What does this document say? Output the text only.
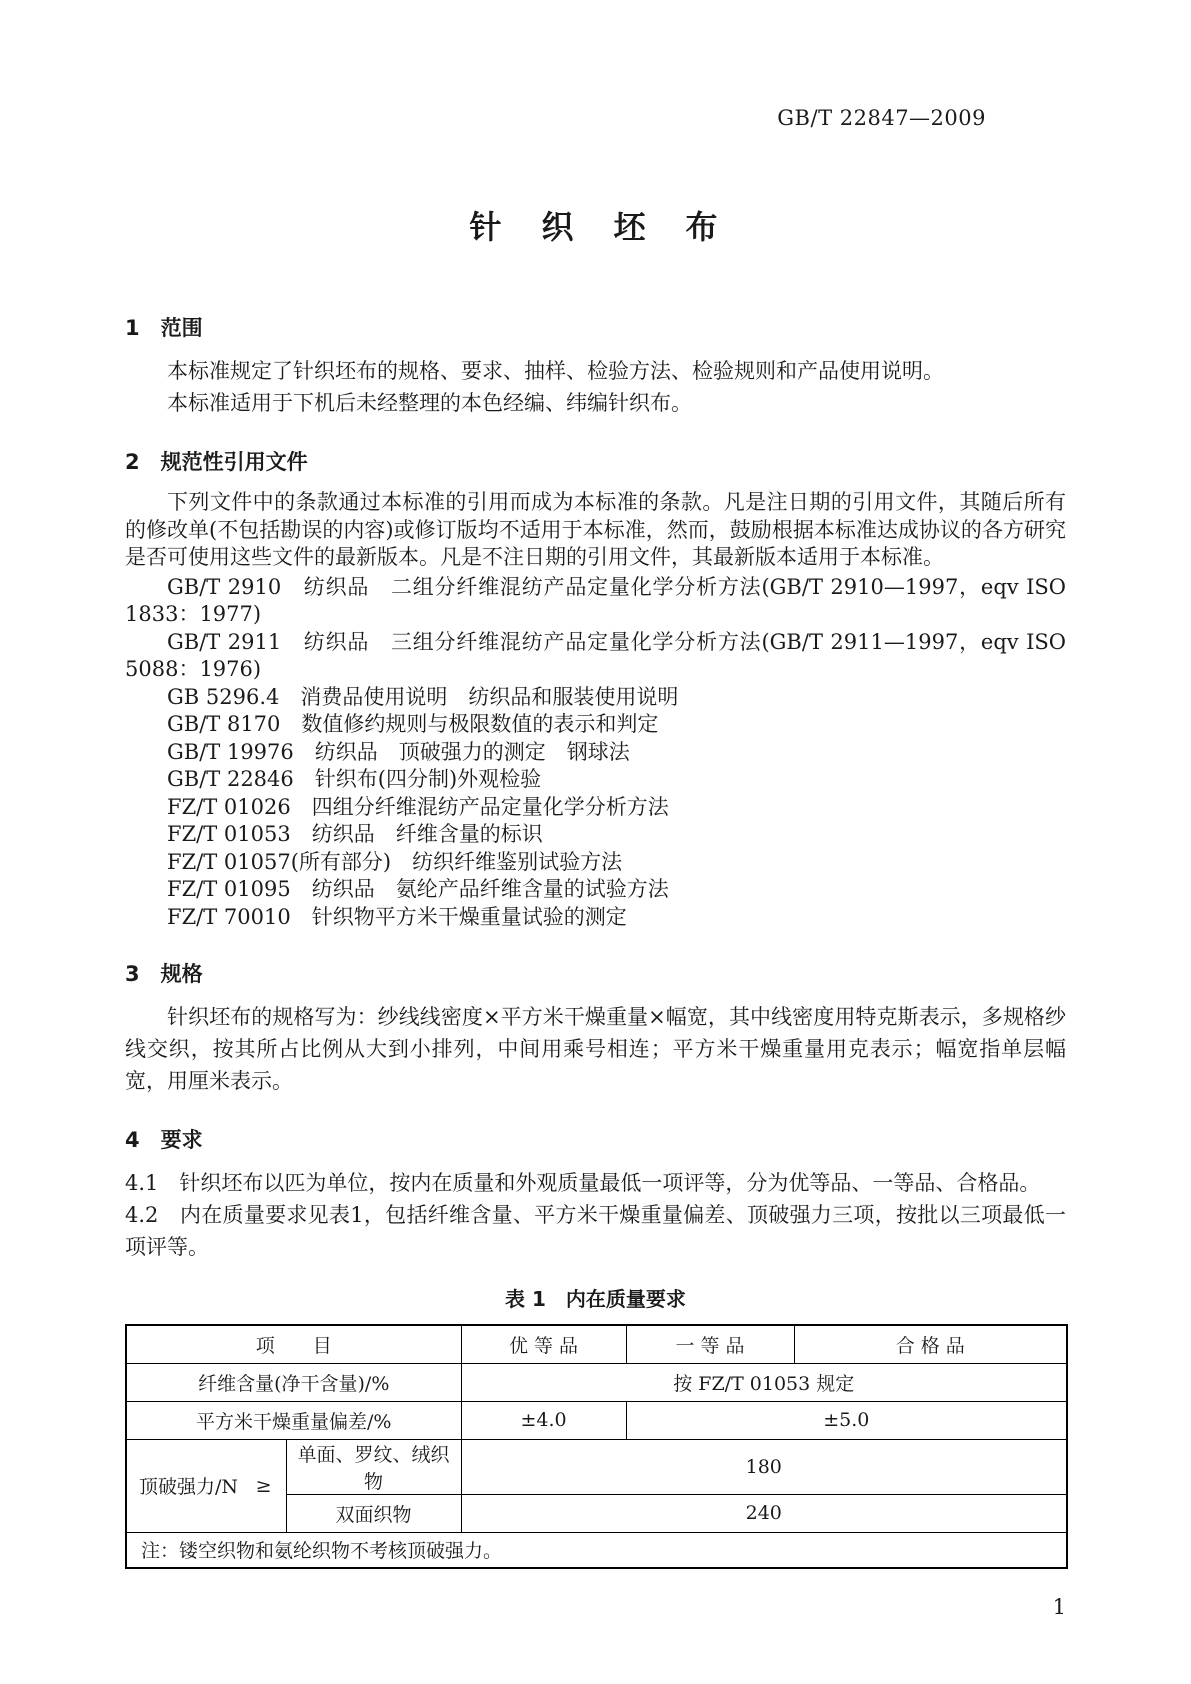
GB/T 22847—2009
针　织　坯　布
1　范围

本标准规定了针织坯布的规格、要求、抽样、检验方法、检验规则和产品使用说明。

本标准适用于下机后未经整理的本色经编、纬编针织布。

2　规范性引用文件

下列文件中的条款通过本标准的引用而成为本标准的条款。凡是注日期的引用文件，其随后所有的修改单(不包括勘误的内容)或修订版均不适用于本标准，然而，鼓励根据本标准达成协议的各方研究是否可使用这些文件的最新版本。凡是不注日期的引用文件，其最新版本适用于本标准。

GB/T 2910　纺织品　二组分纤维混纺产品定量化学分析方法(GB/T 2910—1997，eqv ISO 1833：1977)

GB/T 2911　纺织品　三组分纤维混纺产品定量化学分析方法(GB/T 2911—1997，eqv ISO 5088：1976)

GB 5296.4　消费品使用说明　纺织品和服装使用说明

GB/T 8170　数值修约规则与极限数值的表示和判定

GB/T 19976　纺织品　顶破强力的测定　钢球法

GB/T 22846　针织布(四分制)外观检验

FZ/T 01026　四组分纤维混纺产品定量化学分析方法

FZ/T 01053　纺织品　纤维含量的标识

FZ/T 01057(所有部分)　纺织纤维鉴别试验方法

FZ/T 01095　纺织品　氨纶产品纤维含量的试验方法

FZ/T 70010　针织物平方米干燥重量试验的测定

3　规格

针织坯布的规格写为：纱线线密度×平方米干燥重量×幅宽，其中线密度用特克斯表示，多规格纱线交织，按其所占比例从大到小排列，中间用乘号相连；平方米干燥重量用克表示；幅宽指单层幅宽，用厘米表示。

4　要求

4.1　针织坯布以匹为单位，按内在质量和外观质量最低一项评等，分为优等品、一等品、合格品。

4.2　内在质量要求见表1，包括纤维含量、平方米干燥重量偏差、顶破强力三项，按批以三项最低一项评等。

表 1　内在质量要求
项　　目		优 等 品	一 等 品	合 格 品
纤维含量(净干含量)/%		按 FZ/T 01053 规定		
平方米干燥重量偏差/%		±4.0	±5.0	

顶破强力/N ≥	单面、罗纹、绒织物	180		
	双面织物	240		
注：镂空织物和氨纶织物不考核顶破强力。				
1
